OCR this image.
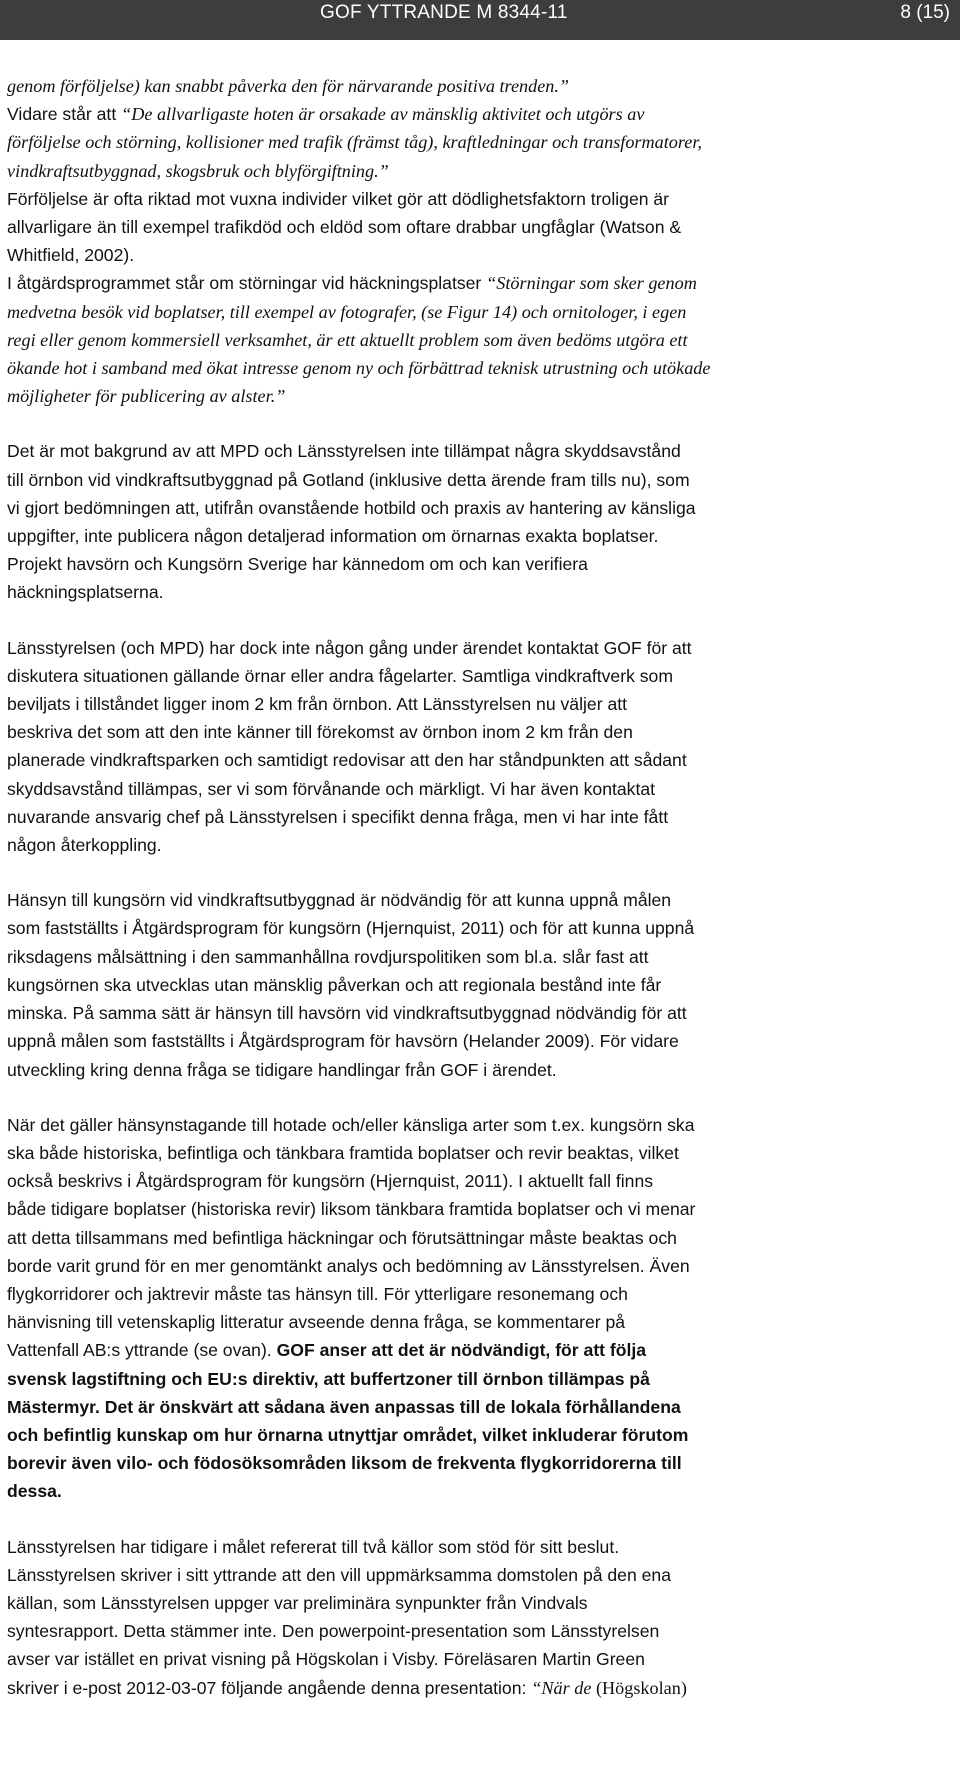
GOF YTTRANDE M 8344-11	8 (15)

genom förföljelse) kan snabbt påverka den för närvarande positiva trenden.”
Vidare står att “De allvarligaste hoten är orsakade av mänsklig aktivitet och utgörs av
förföljelse och störning, kollisioner med trafik (främst tåg), kraftledningar och transformatorer,
vindkraftsutbyggnad, skogsbruk och blyförgiftning.”

Förföljelse är ofta riktad mot vuxna individer vilket gör att dödlighetsfaktorn troligen är
allvarligare än till exempel trafikdöd och eldöd som oftare drabbar ungfåglar (Watson &
Whitfield, 2002).

I åtgärdsprogrammet står om störningar vid häckningsplatser “Störningar som sker genom
medvetna besök vid boplatser, till exempel av fotografer, (se Figur 14) och ornitologer, i egen
regi eller genom kommersiell verksamhet, är ett aktuellt problem som även bedöms utgöra ett
ökande hot i samband med ökat intresse genom ny och förbättrad teknisk utrustning och utökade
möjligheter för publicering av alster.”

Det är mot bakgrund av att MPD och Länsstyrelsen inte tillämpat några skyddsavstånd
till örnbon vid vindkraftsutbyggnad på Gotland (inklusive detta ärende fram tills nu), som
vi gjort bedömningen att, utifrån ovanstående hotbild och praxis av hantering av känsliga
uppgifter, inte publicera någon detaljerad information om örnarnas exakta boplatser.
Projekt havsörn och Kungsörn Sverige har kännedom om och kan verifiera
häckningsplatserna.

Länsstyrelsen (och MPD) har dock inte någon gång under ärendet kontaktat GOF för att
diskutera situationen gällande örnar eller andra fågelarter. Samtliga vindkraftverk som
beviljats i tillståndet ligger inom 2 km från örnbon. Att Länsstyrelsen nu väljer att
beskriva det som att den inte känner till förekomst av örnbon inom 2 km från den
planerade vindkraftsparken och samtidigt redovisar att den har ståndpunkten att sådant
skyddsavstånd tillämpas, ser vi som förvånande och märkligt. Vi har även kontaktat
nuvarande ansvarig chef på Länsstyrelsen i specifikt denna fråga, men vi har inte fått
någon återkoppling.

Hänsyn till kungsörn vid vindkraftsutbyggnad är nödvändig för att kunna uppnå målen
som fastställts i Åtgärdsprogram för kungsörn (Hjernquist, 2011) och för att kunna uppnå
riksdagens målsättning i den sammanhållna rovdjurspolitiken som bl.a. slår fast att
kungsörnen ska utvecklas utan mänsklig påverkan och att regionala bestånd inte får
minska. På samma sätt är hänsyn till havsörn vid vindkraftsutbyggnad nödvändig för att
uppnå målen som fastställts i Åtgärdsprogram för havsörn (Helander 2009). För vidare
utveckling kring denna fråga se tidigare handlingar från GOF i ärendet.

När det gäller hänsynstagande till hotade och/eller känsliga arter som t.ex. kungsörn ska
ska både historiska, befintliga och tänkbara framtida boplatser och revir beaktas, vilket
också beskrivs i Åtgärdsprogram för kungsörn (Hjernquist, 2011). I aktuellt fall finns
både tidigare boplatser (historiska revir) liksom tänkbara framtida boplatser och vi menar
att detta tillsammans med befintliga häckningar och förutsättningar måste beaktas och
borde varit grund för en mer genomtänkt analys och bedömning av Länsstyrelsen. Även
flygkorridorer och jaktrevir måste tas hänsyn till. För ytterligare resonemang och
hänvisning till vetenskaplig litteratur avseende denna fråga, se kommentarer på
Vattenfall AB:s yttrande (se ovan). GOF anser att det är nödvändigt, för att följa
svensk lagstiftning och EU:s direktiv, att buffertzoner till örnbon tillämpas på
Mästermyr. Det är önskvärt att sådana även anpassas till de lokala förhållandena
och befintlig kunskap om hur örnarna utnyttjar området, vilket inkluderar förutom
borevir även vilo- och födosöksområden liksom de frekventa flygkorridorerna till
dessa.

Länsstyrelsen har tidigare i målet refererat till två källor som stöd för sitt beslut.
Länsstyrelsen skriver i sitt yttrande att den vill uppmärksamma domstolen på den ena
källan, som Länsstyrelsen uppger var preliminära synpunkter från Vindvals
syntesrapport. Detta stämmer inte. Den powerpoint-presentation som Länsstyrelsen
avser var istället en privat visning på Högskolan i Visby. Föreläsaren Martin Green
skriver i e-post 2012-03-07 följande angående denna presentation: “När de (Högskolan)
